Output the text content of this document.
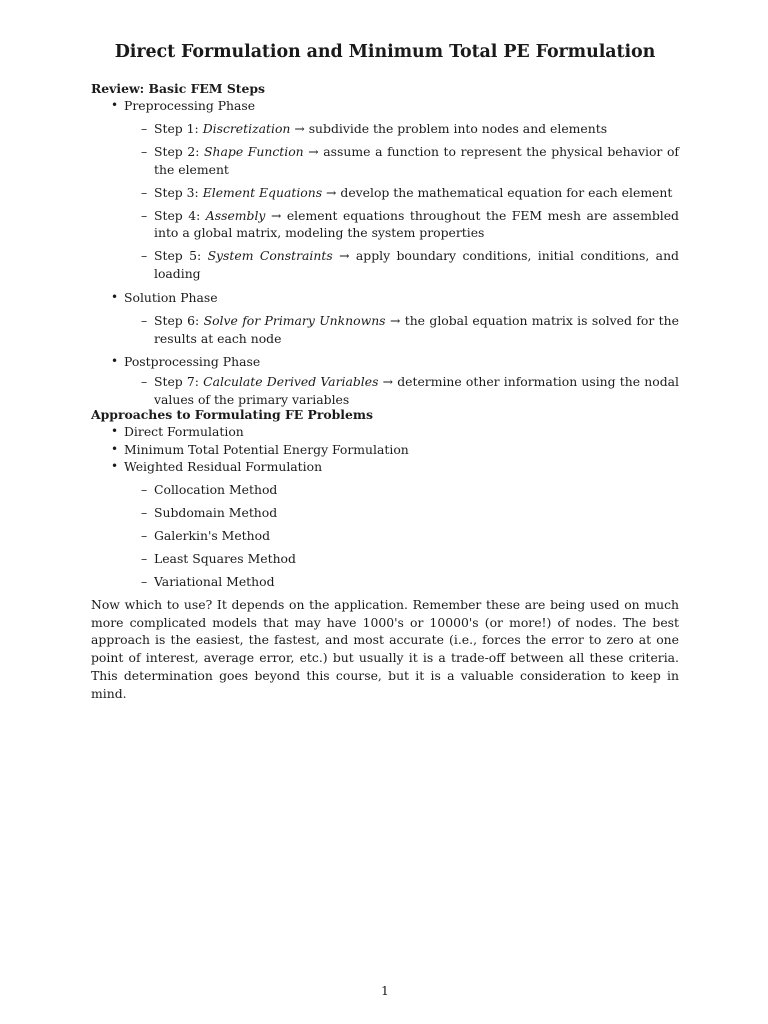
Direct Formulation and Minimum Total PE Formulation

Review: Basic FEM Steps

• Preprocessing Phase
– Step 1: Discretization → subdivide the problem into nodes and elements
– Step 2: Shape Function → assume a function to represent the physical behavior of the element
– Step 3: Element Equations → develop the mathematical equation for each element
– Step 4: Assembly → element equations throughout the FEM mesh are assembled into a global matrix, modeling the system properties
– Step 5: System Constraints → apply boundary conditions, initial conditions, and loading
• Solution Phase
– Step 6: Solve for Primary Unknowns → the global equation matrix is solved for the results at each node
• Postprocessing Phase
– Step 7: Calculate Derived Variables → determine other information using the nodal values of the primary variables

Approaches to Formulating FE Problems

• Direct Formulation
• Minimum Total Potential Energy Formulation
• Weighted Residual Formulation
– Collocation Method
– Subdomain Method
– Galerkin's Method
– Least Squares Method
– Variational Method

Now which to use? It depends on the application. Remember these are being used on much more complicated models that may have 1000's or 10000's (or more!) of nodes. The best approach is the easiest, the fastest, and most accurate (i.e., forces the error to zero at one point of interest, average error, etc.) but usually it is a trade-off between all these criteria. This determination goes beyond this course, but it is a valuable consideration to keep in mind.

1
